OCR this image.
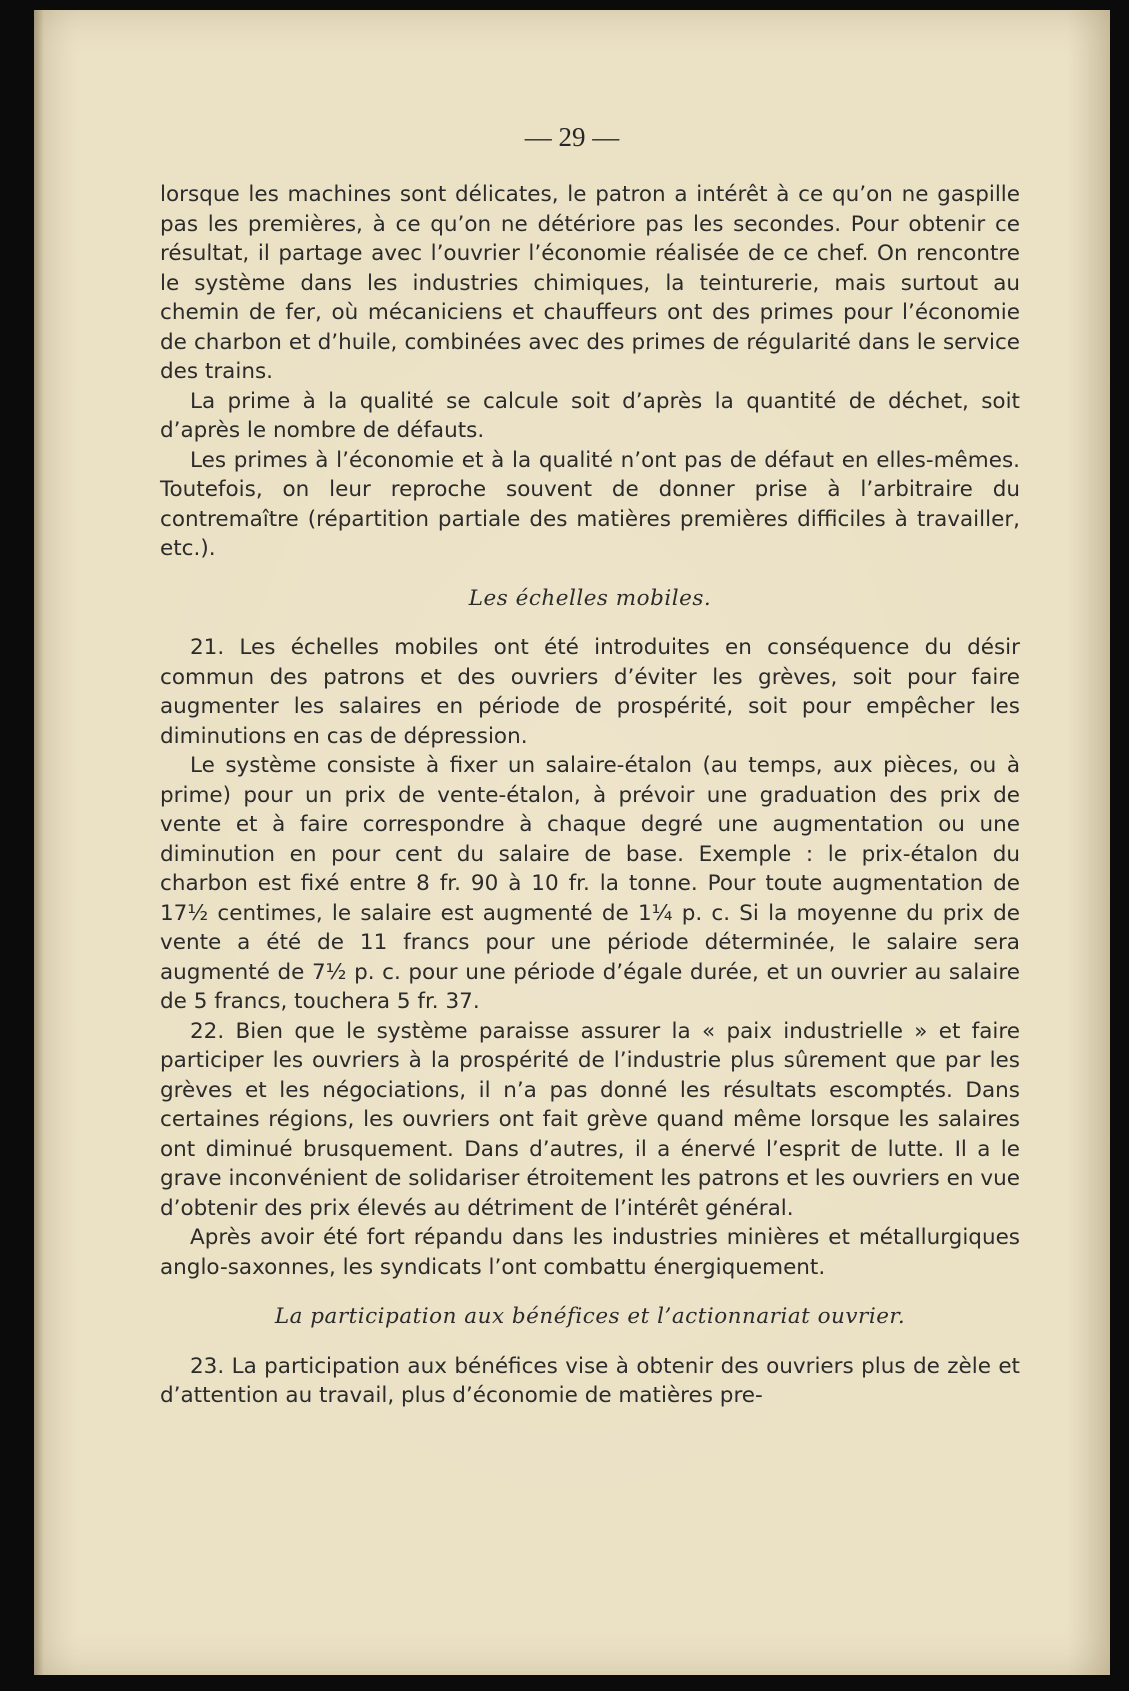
— 29 —

lorsque les machines sont délicates, le patron a intérêt à ce qu’on ne gaspille pas les premières, à ce qu’on ne détériore pas les secondes. Pour obtenir ce résultat, il partage avec l’ouvrier l’économie réalisée de ce chef. On rencontre le système dans les industries chimiques, la teinturerie, mais surtout au chemin de fer, où mécaniciens et chauffeurs ont des primes pour l’économie de charbon et d’huile, combinées avec des primes de régularité dans le service des trains.

La prime à la qualité se calcule soit d’après la quantité de déchet, soit d’après le nombre de défauts.

Les primes à l’économie et à la qualité n’ont pas de défaut en elles-mêmes. Toutefois, on leur reproche souvent de donner prise à l’arbitraire du contremaître (répartition partiale des matières premières difficiles à travailler, etc.).

Les échelles mobiles.

21. Les échelles mobiles ont été introduites en conséquence du désir commun des patrons et des ouvriers d’éviter les grèves, soit pour faire augmenter les salaires en période de prospérité, soit pour empêcher les diminutions en cas de dépression.

Le système consiste à fixer un salaire-étalon (au temps, aux pièces, ou à prime) pour un prix de vente-étalon, à prévoir une graduation des prix de vente et à faire correspondre à chaque degré une augmentation ou une diminution en pour cent du salaire de base. Exemple : le prix-étalon du charbon est fixé entre 8 fr. 90 à 10 fr. la tonne. Pour toute augmentation de 17½ centimes, le salaire est augmenté de 1¼ p. c. Si la moyenne du prix de vente a été de 11 francs pour une période déterminée, le salaire sera augmenté de 7½ p. c. pour une période d’égale durée, et un ouvrier au salaire de 5 francs, touchera 5 fr. 37.

22. Bien que le système paraisse assurer la « paix industrielle » et faire participer les ouvriers à la prospérité de l’industrie plus sûrement que par les grèves et les négociations, il n’a pas donné les résultats escomptés. Dans certaines régions, les ouvriers ont fait grève quand même lorsque les salaires ont diminué brusquement. Dans d’autres, il a énervé l’esprit de lutte. Il a le grave inconvénient de solidariser étroitement les patrons et les ouvriers en vue d’obtenir des prix élevés au détriment de l’intérêt général.

Après avoir été fort répandu dans les industries minières et métallurgiques anglo-saxonnes, les syndicats l’ont combattu énergiquement.

La participation aux bénéfices et l’actionnariat ouvrier.

23. La participation aux bénéfices vise à obtenir des ouvriers plus de zèle et d’attention au travail, plus d’économie de matières pre-
